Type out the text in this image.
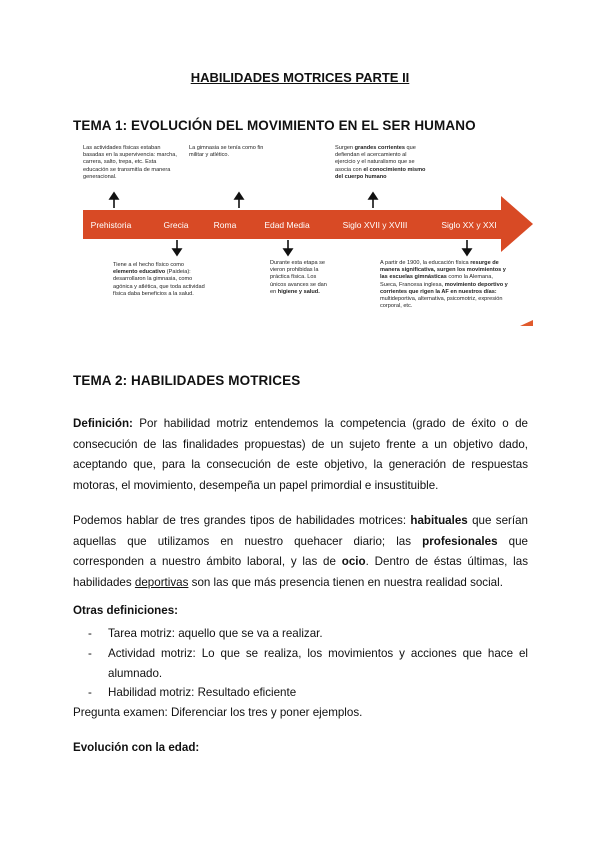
HABILIDADES MOTRICES PARTE II
TEMA 1: EVOLUCIÓN DEL MOVIMIENTO EN EL SER HUMANO
Prehistoria	Grecia	Roma	Edad Media	Siglo XVII y XVIII	Siglo XX y XXI
Las actividades físicas estaban basadas en la supervivencia: marcha, carrera, salto, trepa, etc. Esta educación se transmitía de manera generacional.
La gimnasia se tenía como fin militar y atlético.
Surgen grandes corrientes que defiendan el acercamiento al ejercicio y el naturalismo que se asocia con el conocimiento mismo del cuerpo humano
Tiene a el hecho físico como elemento educativo (Paideia): desarrollaron la gimnasia, como agónica y atlética, que toda actividad física daba beneficios a la salud.
Durante esta etapa se vieron prohibidas la práctica física. Los únicos avances se dan en higiene y salud.
A partir de 1900, la educación física resurge de manera significativa, surgen los movimientos y las escuelas gimnásticas como la Alemana, Sueca, Francesa inglesa, movimiento deportivo y corrientes que rigen la AF en nuestros días: multideportiva, alternativa, psicomotriz, expresión corporal, etc.
TEMA 2: HABILIDADES MOTRICES
Definición: Por habilidad motriz entendemos la competencia (grado de éxito o de consecución de las finalidades propuestas) de un sujeto frente a un objetivo dado, aceptando que, para la consecución de este objetivo, la generación de respuestas motoras, el movimiento, desempeña un papel primordial e insustituible.
Podemos hablar de tres grandes tipos de habilidades motrices: habituales que serían aquellas que utilizamos en nuestro quehacer diario; las profesionales que corresponden a nuestro ámbito laboral, y las de ocio. Dentro de éstas últimas, las habilidades deportivas son las que más presencia tienen en nuestra realidad social.
Otras definiciones:
-	Tarea motriz: aquello que se va a realizar.
-	Actividad motriz: Lo que se realiza, los movimientos y acciones que hace el alumnado.
-	Habilidad motriz: Resultado eficiente
Pregunta examen: Diferenciar los tres y poner ejemplos.
Evolución con la edad:
